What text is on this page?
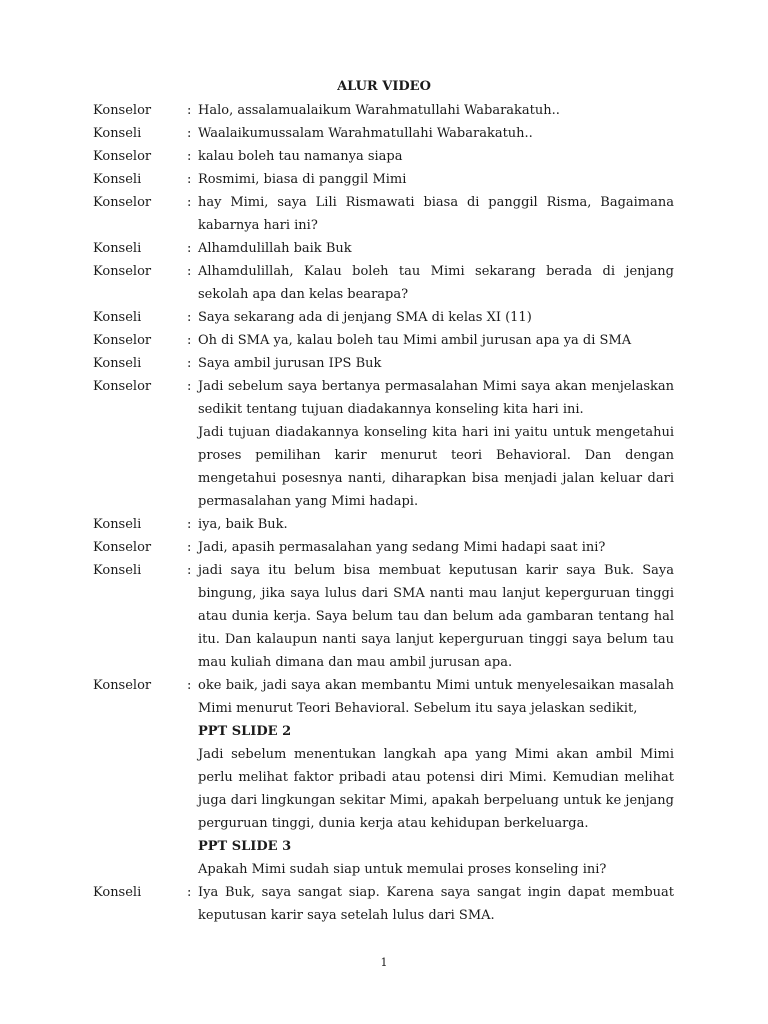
ALUR VIDEO
Konselor	: Halo, assalamualaikum Warahmatullahi Wabarakatuh..
Konseli	: Waalaikumussalam Warahmatullahi Wabarakatuh..
Konselor	: kalau boleh tau namanya siapa
Konseli	: Rosmimi, biasa di panggil Mimi
Konselor	: hay Mimi, saya Lili Rismawati biasa di panggil Risma, Bagaimana kabarnya hari ini?
Konseli	: Alhamdulillah baik Buk
Konselor	: Alhamdulillah, Kalau boleh tau Mimi sekarang berada di jenjang sekolah apa dan kelas bearapa?
Konseli	: Saya sekarang ada di jenjang SMA di kelas XI (11)
Konselor	: Oh di SMA ya, kalau boleh tau Mimi ambil jurusan apa ya di SMA
Konseli	: Saya ambil jurusan IPS Buk
Konselor	: Jadi sebelum saya bertanya permasalahan Mimi saya akan menjelaskan sedikit tentang tujuan diadakannya konseling kita hari ini.
Jadi tujuan diadakannya konseling kita hari ini yaitu untuk mengetahui proses pemilihan karir menurut teori Behavioral. Dan dengan mengetahui posesnya nanti, diharapkan bisa menjadi jalan keluar dari permasalahan yang Mimi hadapi.
Konseli	: iya, baik Buk.
Konselor	: Jadi, apasih permasalahan yang sedang Mimi hadapi saat ini?
Konseli	: jadi saya itu belum bisa membuat keputusan karir saya Buk. Saya bingung, jika saya lulus dari SMA nanti mau lanjut keperguruan tinggi atau dunia kerja. Saya belum tau dan belum ada gambaran tentang hal itu. Dan kalaupun nanti saya lanjut keperguruan tinggi saya belum tau mau kuliah dimana dan mau ambil jurusan apa.
Konselor	: oke baik, jadi saya akan membantu Mimi untuk menyelesaikan masalah Mimi menurut Teori Behavioral. Sebelum itu saya jelaskan sedikit,
PPT SLIDE 2
Jadi sebelum menentukan langkah apa yang Mimi akan ambil Mimi perlu melihat faktor pribadi atau potensi diri Mimi. Kemudian melihat juga dari lingkungan sekitar Mimi, apakah berpeluang untuk ke jenjang perguruan tinggi, dunia kerja atau kehidupan berkeluarga.
PPT SLIDE 3
Apakah Mimi sudah siap untuk memulai proses konseling ini?
Konseli	: Iya Buk, saya sangat siap. Karena saya sangat ingin dapat membuat keputusan karir saya setelah lulus dari SMA.
1
